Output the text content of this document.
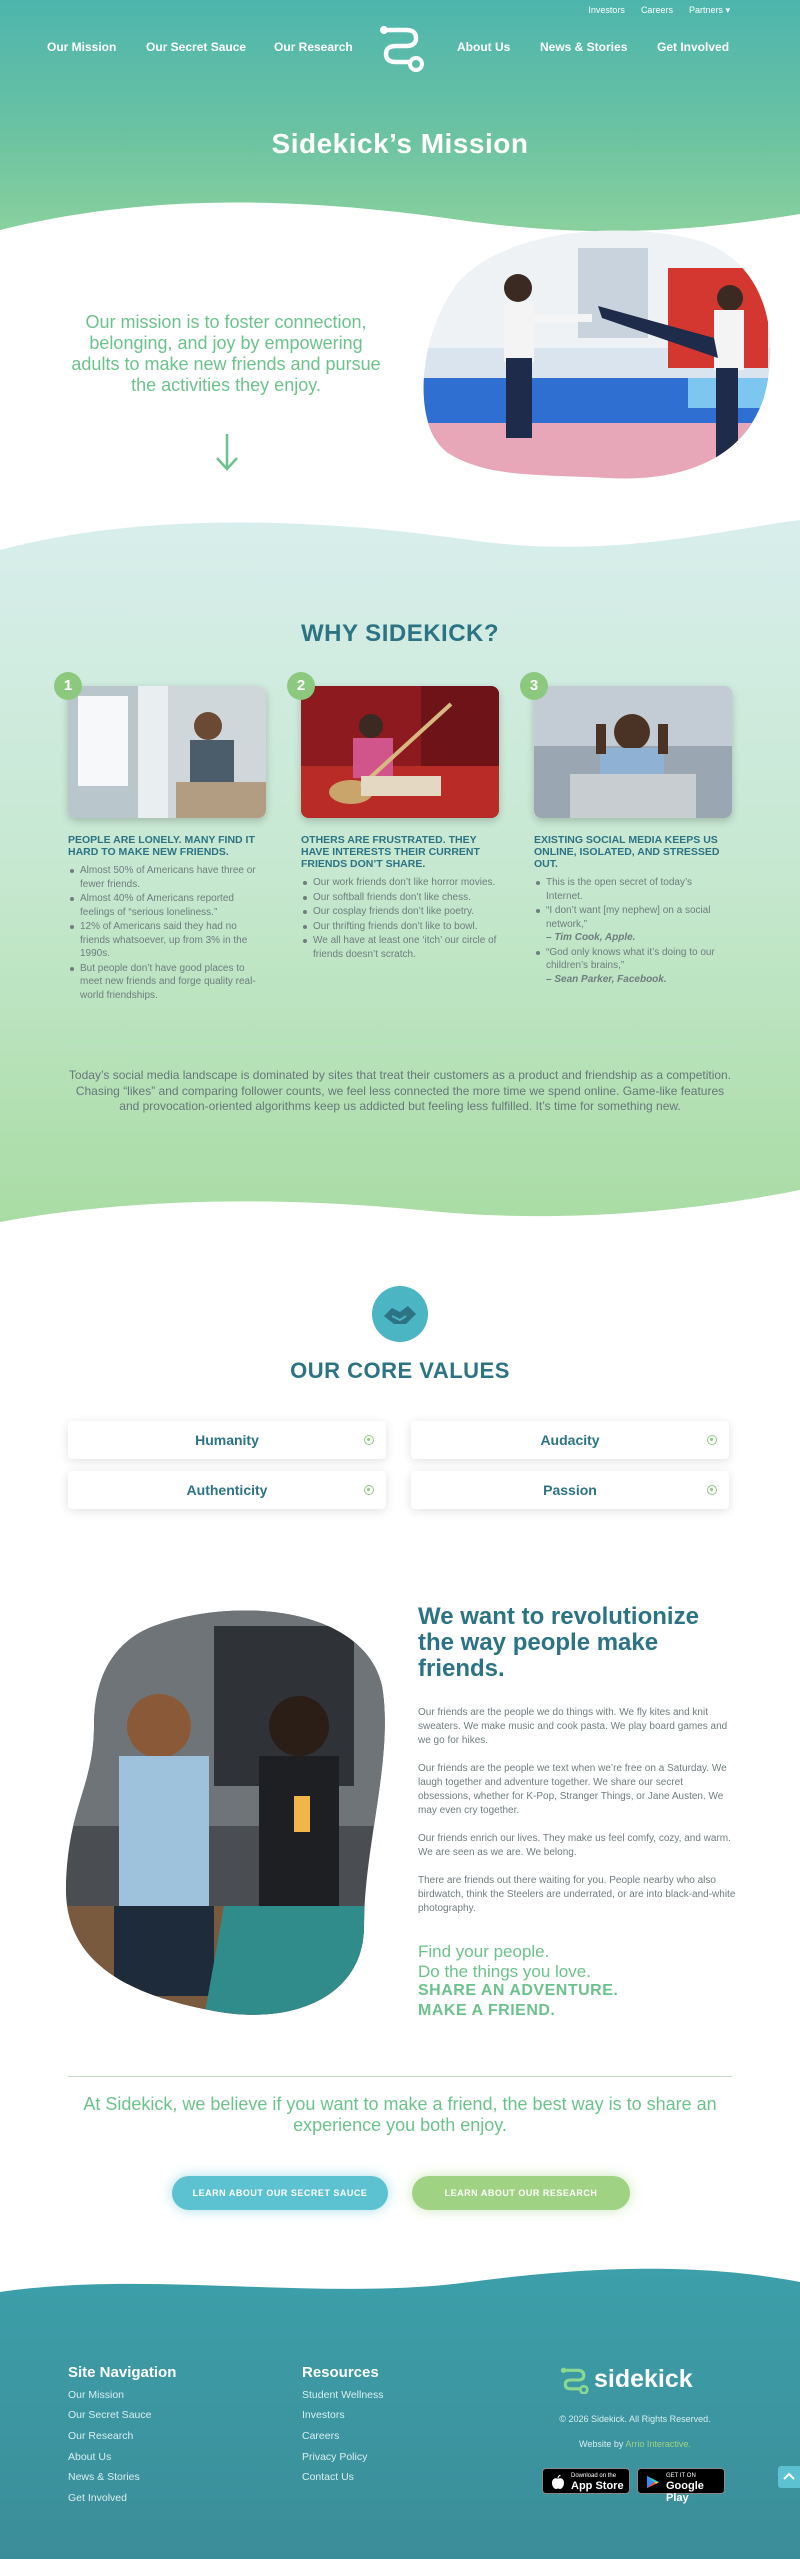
Investors Careers Partners ▾
Our Mission Our Secret Sauce Our Research	About Us News & Stories Get Involved
Sidekick’s Mission
Our mission is to foster connection, belonging, and joy by empowering adults to make new friends and pursue the activities they enjoy.
WHY SIDEKICK?
1	2	3
PEOPLE ARE LONELY. MANY FIND IT HARD TO MAKE NEW FRIENDS.
Almost 50% of Americans have three or fewer friends.
Almost 40% of Americans reported feelings of “serious loneliness.”
12% of Americans said they had no friends whatsoever, up from 3% in the 1990s.
But people don’t have good places to meet new friends and forge quality real-world friendships.
OTHERS ARE FRUSTRATED. THEY HAVE INTERESTS THEIR CURRENT FRIENDS DON’T SHARE.
Our work friends don’t like horror movies.
Our softball friends don’t like chess.
Our cosplay friends don’t like poetry.
Our thrifting friends don’t like to bowl.
We all have at least one ‘itch’ our circle of friends doesn’t scratch.
EXISTING SOCIAL MEDIA KEEPS US ONLINE, ISOLATED, AND STRESSED OUT.
This is the open secret of today’s Internet.
“I don’t want [my nephew] on a social network,”
– Tim Cook, Apple.
“God only knows what it’s doing to our children’s brains,”
– Sean Parker, Facebook.
Today’s social media landscape is dominated by sites that treat their customers as a product and friendship as a competition. Chasing “likes” and comparing follower counts, we feel less connected the more time we spend online. Game-like features and provocation-oriented algorithms keep us addicted but feeling less fulfilled. It’s time for something new.
OUR CORE VALUES
Humanity	Audacity
Authenticity	Passion
We want to revolutionize the way people make friends.
Our friends are the people we do things with. We fly kites and knit sweaters. We make music and cook pasta. We play board games and we go for hikes.
Our friends are the people we text when we’re free on a Saturday. We laugh together and adventure together. We share our secret obsessions, whether for K-Pop, Stranger Things, or Jane Austen. We may even cry together.
Our friends enrich our lives. They make us feel comfy, cozy, and warm. We are seen as we are. We belong.
There are friends out there waiting for you. People nearby who also birdwatch, think the Steelers are underrated, or are into black-and-white photography.
Find your people.
Do the things you love.
SHARE AN ADVENTURE.
MAKE A FRIEND.
At Sidekick, we believe if you want to make a friend, the best way is to share an experience you both enjoy.
LEARN ABOUT OUR SECRET SAUCE	LEARN ABOUT OUR RESEARCH
Site Navigation
Our Mission
Our Secret Sauce
Our Research
About Us
News & Stories
Get Involved
Resources
Student Wellness
Investors
Careers
Privacy Policy
Contact Us
sidekick
© 2026 Sidekick. All Rights Reserved.
Website by Arrio Interactive.
Download on the
App Store
GET IT ON
Google Play
